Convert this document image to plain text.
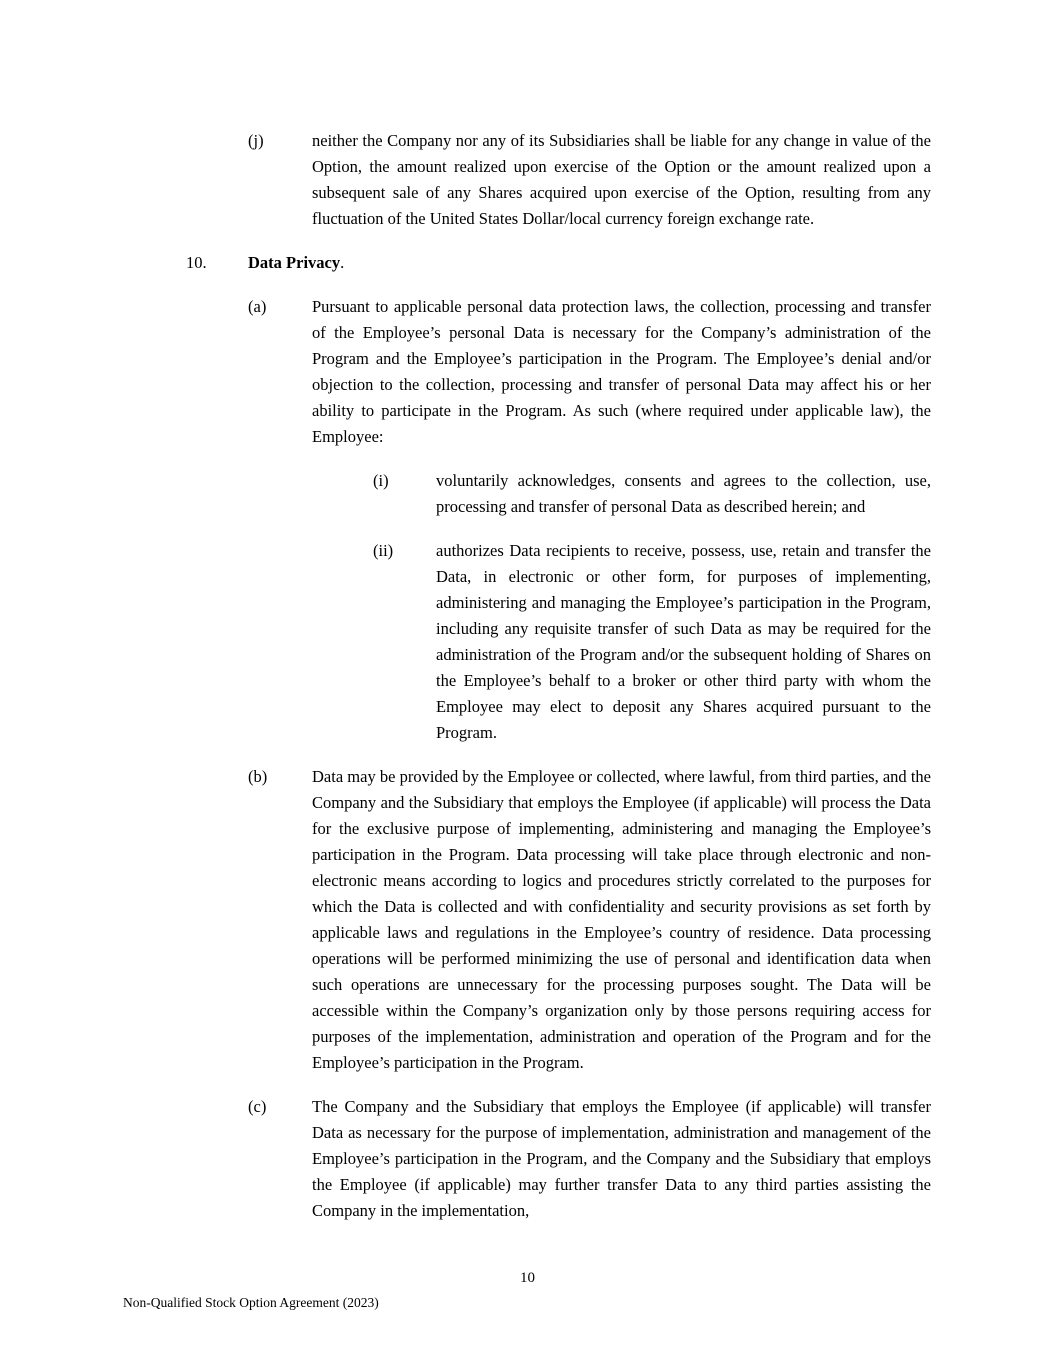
(j)	neither the Company nor any of its Subsidiaries shall be liable for any change in value of the Option, the amount realized upon exercise of the Option or the amount realized upon a subsequent sale of any Shares acquired upon exercise of the Option, resulting from any fluctuation of the United States Dollar/local currency foreign exchange rate.
10.	Data Privacy.
(a)	Pursuant to applicable personal data protection laws, the collection, processing and transfer of the Employee’s personal Data is necessary for the Company’s administration of the Program and the Employee’s participation in the Program. The Employee’s denial and/or objection to the collection, processing and transfer of personal Data may affect his or her ability to participate in the Program. As such (where required under applicable law), the Employee:
(i)	voluntarily acknowledges, consents and agrees to the collection, use, processing and transfer of personal Data as described herein; and
(ii)	authorizes Data recipients to receive, possess, use, retain and transfer the Data, in electronic or other form, for purposes of implementing, administering and managing the Employee’s participation in the Program, including any requisite transfer of such Data as may be required for the administration of the Program and/or the subsequent holding of Shares on the Employee’s behalf to a broker or other third party with whom the Employee may elect to deposit any Shares acquired pursuant to the Program.
(b)	Data may be provided by the Employee or collected, where lawful, from third parties, and the Company and the Subsidiary that employs the Employee (if applicable) will process the Data for the exclusive purpose of implementing, administering and managing the Employee’s participation in the Program. Data processing will take place through electronic and non-electronic means according to logics and procedures strictly correlated to the purposes for which the Data is collected and with confidentiality and security provisions as set forth by applicable laws and regulations in the Employee’s country of residence. Data processing operations will be performed minimizing the use of personal and identification data when such operations are unnecessary for the processing purposes sought. The Data will be accessible within the Company’s organization only by those persons requiring access for purposes of the implementation, administration and operation of the Program and for the Employee’s participation in the Program.
(c)	The Company and the Subsidiary that employs the Employee (if applicable) will transfer Data as necessary for the purpose of implementation, administration and management of the Employee’s participation in the Program, and the Company and the Subsidiary that employs the Employee (if applicable) may further transfer Data to any third parties assisting the Company in the implementation,
10
Non-Qualified Stock Option Agreement (2023)
